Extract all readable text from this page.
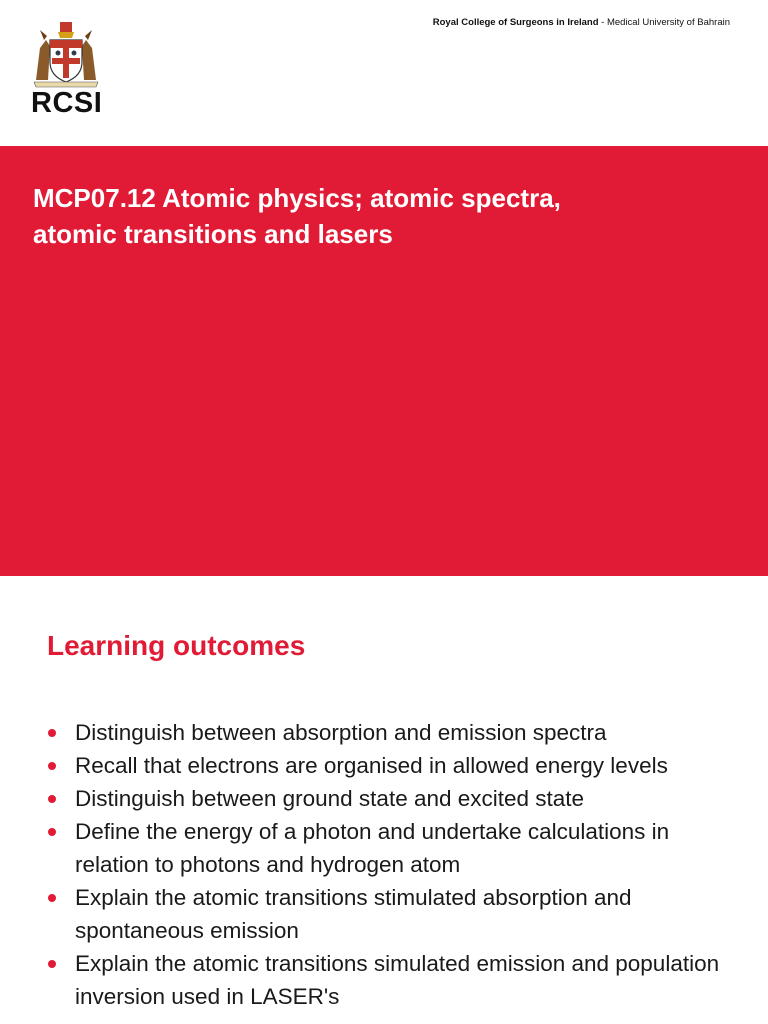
RCSI
Royal College of Surgeons in Ireland - Medical University of Bahrain
MCP07.12 Atomic physics; atomic spectra,
atomic transitions and lasers
Learning outcomes
Distinguish between absorption and emission spectra
Recall that electrons are organised in allowed energy levels
Distinguish between ground state and excited state
Define the energy of a photon and undertake calculations in relation to photons and hydrogen atom
Explain the atomic transitions stimulated absorption and spontaneous emission
Explain the atomic transitions simulated emission and population inversion used in LASER's
